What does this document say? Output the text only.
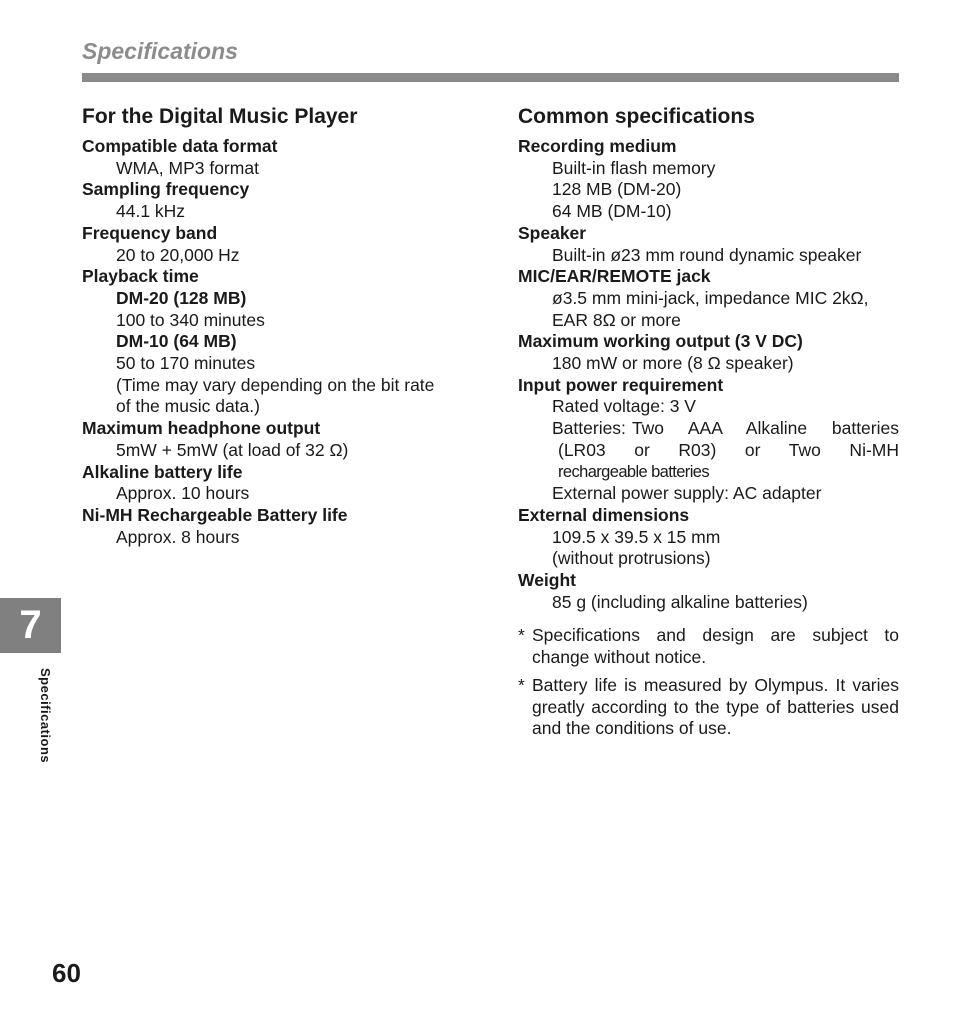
Specifications
For the Digital Music Player
Compatible data format
WMA, MP3 format
Sampling frequency
44.1 kHz
Frequency band
20 to 20,000 Hz
Playback time
DM-20 (128 MB)
100 to 340 minutes
DM-10 (64 MB)
50 to 170 minutes
(Time may vary depending on the bit rate
of the music data.)
Maximum headphone output
5mW + 5mW (at load of 32 Ω)
Alkaline battery life
Approx. 10 hours
Ni-MH Rechargeable Battery life
Approx. 8 hours
Common specifications
Recording medium
Built-in flash memory
128 MB (DM-20)
64 MB (DM-10)
Speaker
Built-in ø23 mm round dynamic speaker
MIC/EAR/REMOTE jack
ø3.5 mm mini-jack, impedance MIC 2kΩ,
EAR 8Ω or more
Maximum working output (3 V DC)
180 mW or more (8 Ω speaker)
Input power requirement
Rated voltage: 3 V
Batteries: Two AAA Alkaline batteries
(LR03 or R03) or Two Ni-MH
rechargeable batteries
External power supply: AC adapter
External dimensions
109.5 x 39.5 x 15 mm
(without protrusions)
Weight
85 g (including alkaline batteries)
* Specifications and design are subject to change without notice.
* Battery life is measured by Olympus. It varies greatly according to the type of batteries used and the conditions of use.
7
Specifications
60
